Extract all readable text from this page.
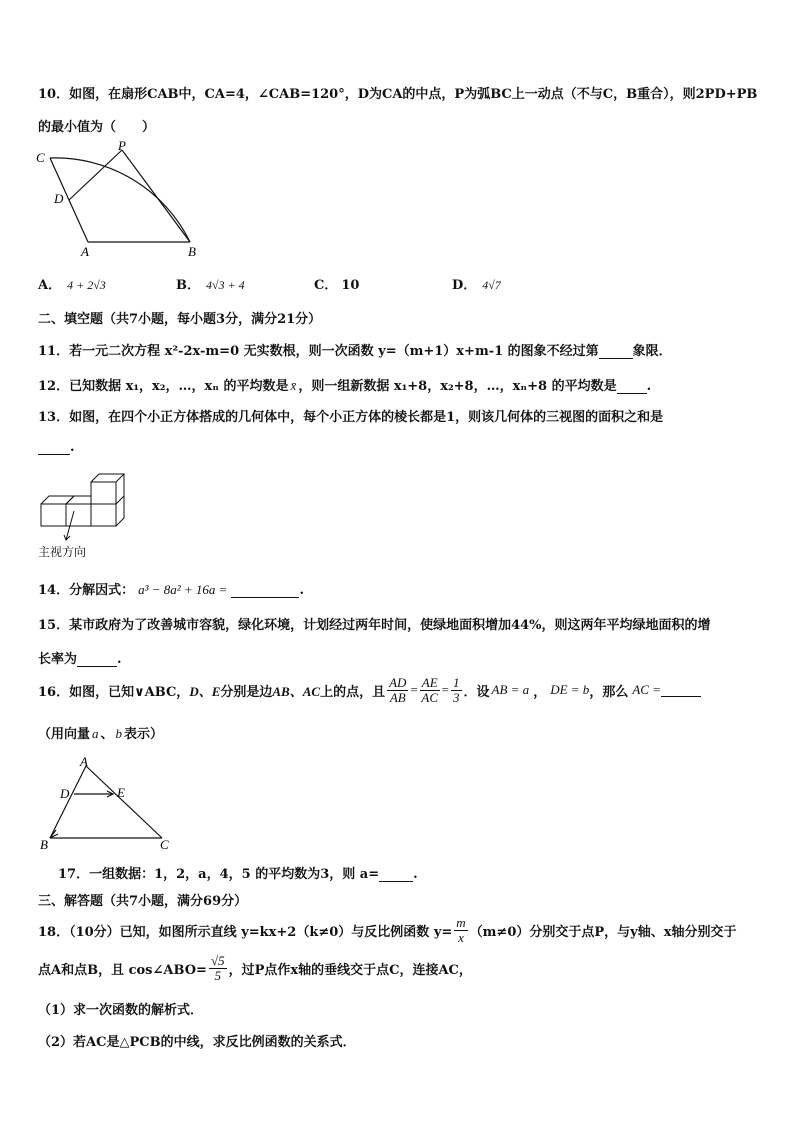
10．如图，在扇形CAB中，CA=4，∠CAB=120°，D为CA的中点，P为弧BC上一动点（不与C，B重合），则2PD+PB
的最小值为（　　）
C
P
D
A	B
A． 4 + 2√3	B． 4√3 + 4	C． 10	D． 4√7
二、填空题（共7小题，每小题3分，满分21分）
11．若一元二次方程 x²-2x-m=0 无实数根，则一次函数 y=（m+1）x+m-1 的图象不经过第	象限．
12．已知数据 x₁，x₂，…，xₙ 的平均数是 x̄ ，则一组新数据 x₁+8，x₂+8，…，xₙ+8 的平均数是 .
13．如图，在四个小正方体搭成的几何体中，每个小正方体的棱长都是1，则该几何体的三视图的面积之和是
.
主视方向
14．分解因式： a³ − 8a² + 16a =	.
15．某市政府为了改善城市容貌，绿化环境，计划经过两年时间，使绿地面积增加44%，则这两年平均绿地面积的增
长率为	.
16．如图，已知∨ABC， D、E 分别是边 AB、AC 上的点，且 $\frac{AD}{AB} = \frac{AE}{AC} = \frac{1}{3}$ ．设 AB = a ， DE = b ，那么 AC =
（用向量 a 、 b 表示）
A
D	E
B	C
17．一组数据：1，2，a，4，5 的平均数为3，则 a=	.
三、解答题（共7小题，满分69分）
18．（10分）已知，如图所示直线 y=kx+2（k≠0）与反比例函数 $y= \frac{m}{x} (m\ne 0)$分别交于点P，与y轴、x轴分别交于
点A和点B，且 cos∠ABO= $\frac{√5}{5}$ ，过P点作x轴的垂线交于点C，连接AC，
（1）求一次函数的解析式．
（2）若AC是△PCB的中线，求反比例函数的关系式．
